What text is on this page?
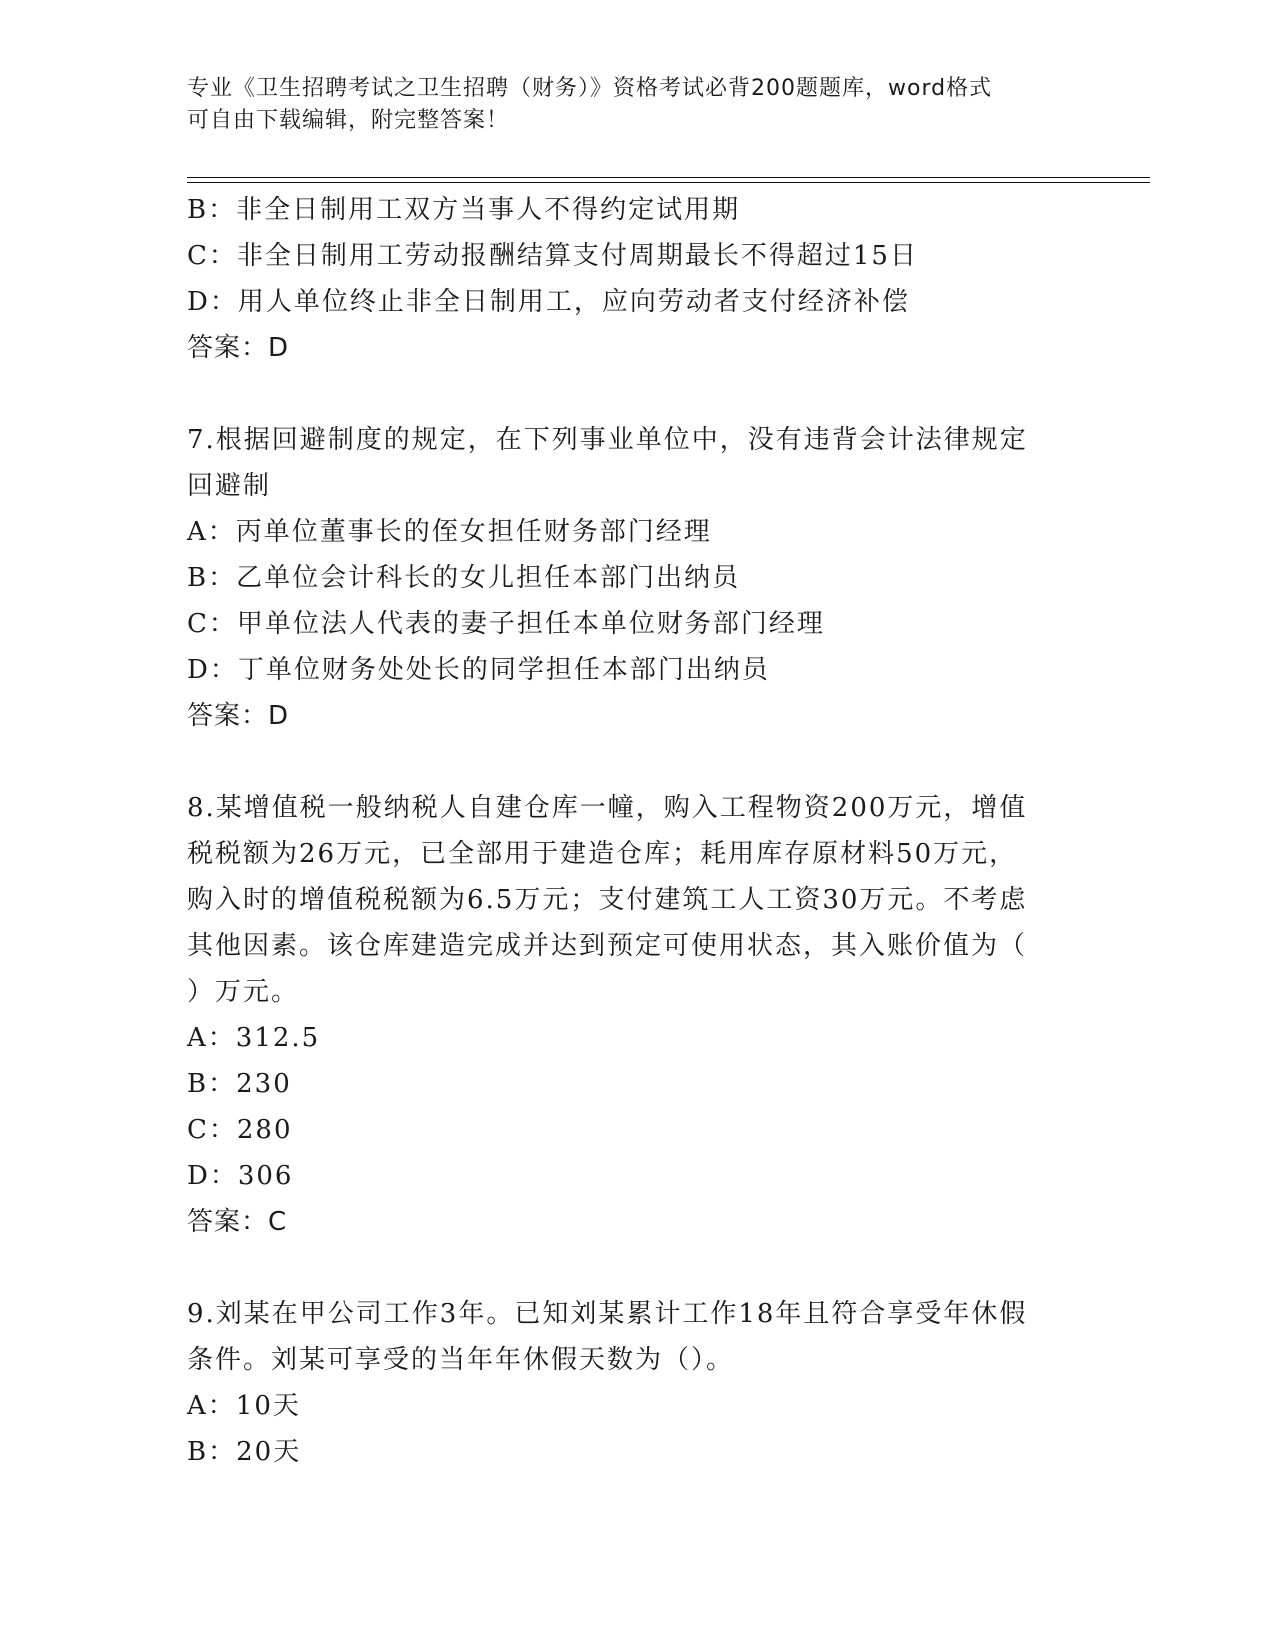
专业《卫生招聘考试之卫生招聘（财务）》资格考试必背200题题库，word格式
可自由下载编辑，附完整答案！
B：非全日制用工双方当事人不得约定试用期
C：非全日制用工劳动报酬结算支付周期最长不得超过15日
D：用人单位终止非全日制用工，应向劳动者支付经济补偿
答案：D
7.根据回避制度的规定，在下列事业单位中，没有违背会计法律规定
回避制
A：丙单位董事长的侄女担任财务部门经理
B：乙单位会计科长的女儿担任本部门出纳员
C：甲单位法人代表的妻子担任本单位财务部门经理
D：丁单位财务处处长的同学担任本部门出纳员
答案：D
8.某增值税一般纳税人自建仓库一幢，购入工程物资200万元，增值
税税额为26万元，已全部用于建造仓库；耗用库存原材料50万元，
购入时的增值税税额为6.5万元；支付建筑工人工资30万元。不考虑
其他因素。该仓库建造完成并达到预定可使用状态，其入账价值为（
）万元。
A：312.5
B：230
C：280
D：306
答案：C
9.刘某在甲公司工作3年。已知刘某累计工作18年且符合享受年休假
条件。刘某可享受的当年年休假天数为（）。
A：10天
B：20天
